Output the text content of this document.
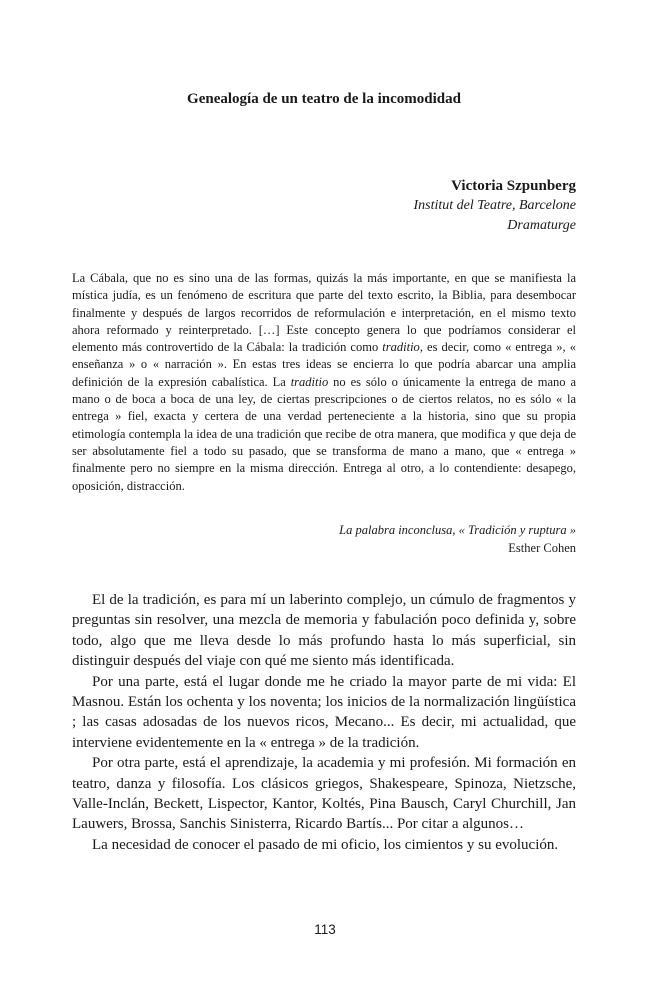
Genealogía de un teatro de la incomodidad
Victoria Szpunberg
Institut del Teatre, Barcelone
Dramaturge

La Cábala, que no es sino una de las formas, quizás la más importante, en que se manifiesta la mística judía, es un fenómeno de escritura que parte del texto escrito, la Biblia, para desembocar finalmente y después de largos recorridos de reformulación e interpretación, en el mismo texto ahora reformado y reinterpretado. […] Este concepto genera lo que podríamos considerar el elemento más controvertido de la Cábala: la tradición como traditio, es decir, como « entrega », « enseñanza » o « narración ». En estas tres ideas se encierra lo que podría abarcar una amplia definición de la expresión cabalística. La traditio no es sólo o únicamente la entrega de mano a mano o de boca a boca de una ley, de ciertas prescripciones o de ciertos relatos, no es sólo « la entrega » fiel, exacta y certera de una verdad perteneciente a la historia, sino que su propia etimología contempla la idea de una tradición que recibe de otra manera, que modifica y que deja de ser absolutamente fiel a todo su pasado, que se transforma de mano a mano, que « entrega » finalmente pero no siempre en la misma dirección. Entrega al otro, a lo contendiente: desapego, oposición, distracción.

La palabra inconclusa, « Tradición y ruptura »
Esther Cohen

El de la tradición, es para mí un laberinto complejo, un cúmulo de fragmentos y preguntas sin resolver, una mezcla de memoria y fabulación poco definida y, sobre todo, algo que me lleva desde lo más profundo hasta lo más superficial, sin distinguir después del viaje con qué me siento más identificada.

Por una parte, está el lugar donde me he criado la mayor parte de mi vida: El Masnou. Están los ochenta y los noventa; los inicios de la normalización lingüística ; las casas adosadas de los nuevos ricos, Mecano... Es decir, mi actualidad, que interviene evidentemente en la « entrega » de la tradición.

Por otra parte, está el aprendizaje, la academia y mi profesión. Mi formación en teatro, danza y filosofía. Los clásicos griegos, Shakespeare, Spinoza, Nietzsche, Valle-Inclán, Beckett, Lispector, Kantor, Koltés, Pina Bausch, Caryl Churchill, Jan Lauwers, Brossa, Sanchis Sinisterra, Ricardo Bartís... Por citar a algunos…

La necesidad de conocer el pasado de mi oficio, los cimientos y su evolución.

113
